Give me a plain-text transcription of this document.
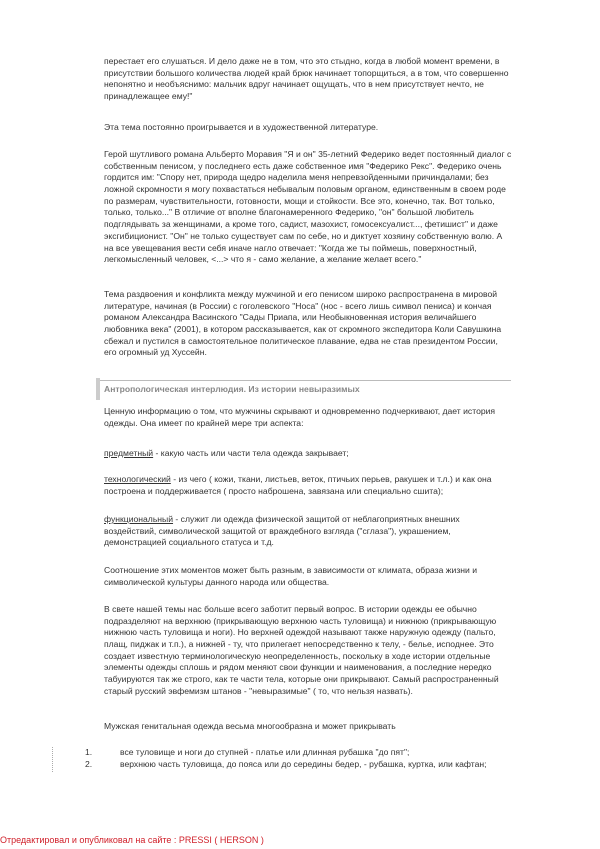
перестает его слушаться. И дело даже не в том, что это стыдно, когда в любой момент времени, в
присутствии большого количества людей край брюк начинает топорщиться, а в том, что совершенно
непонятно и необъяснимо: мальчик вдруг начинает ощущать, что в нем присутствует нечто, не
принадлежащее ему!"
Эта тема постоянно проигрывается и в художественной литературе.
Герой шутливого романа Альберто Моравия "Я и он" 35-летний Федерико ведет постоянный диалог с
собственным пенисом, у последнего есть даже собственное имя "Федерико Рекс". Федерико очень
гордится им: "Спору нет, природа щедро наделила меня непревзойденными причиндалами; без
ложной скромности я могу похвастаться небывалым половым органом, единственным в своем роде
по размерам, чувствительности, готовности, мощи и стойкости. Все это, конечно, так. Вот только,
только, только..." В отличие от вполне благонамеренного Федерико, "он" большой любитель
подглядывать за женщинами, а кроме того, садист, мазохист, гомосексуалист..., фетишист" и даже
эксгибиционист. "Он" не только существует сам по себе, но и диктует хозяину собственную волю. А
на все увещевания вести себя иначе нагло отвечает: "Когда же ты поймешь, поверхностный,
легкомысленный человек, <...> что я - само желание, а желание желает всего."
Тема раздвоения и конфликта между мужчиной и его пенисом широко распространена в мировой
литературе, начиная (в России) с гоголевского "Носа" (нос - всего лишь символ пениса) и кончая
романом Александра Васинского "Сады Приапа, или Необыкновенная история величайшего
любовника века" (2001), в котором рассказывается, как от скромного экспедитора Коли Савушкина
сбежал и пустился в самостоятельное политическое плавание, едва не став президентом России,
его огромный уд Хуссейн.
Антропологическая интерлюдия. Из истории невыразимых
Ценную информацию о том, что мужчины скрывают и одновременно подчеркивают, дает история
одежды. Она имеет по крайней мере три аспекта:
предметный - какую часть или части тела одежда закрывает;
технологический - из чего ( кожи, ткани, листьев, веток, птичьих перьев, ракушек и т.л.) и как она
построена и поддерживается ( просто наброшена, завязана или специально сшита);
функциональный - служит ли одежда физической защитой от неблагоприятных внешних
воздействий, символической защитой от враждебного взгляда ("сглаза"), украшением,
демонстрацией социального статуса и т.д.
Соотношение этих моментов может быть разным, в зависимости от климата, образа жизни и
символической культуры данного народа или общества.
В свете нашей темы нас больше всего заботит первый вопрос. В истории одежды ее обычно
подразделяют на верхнюю (прикрывающую верхнюю часть туловища) и нижнюю (прикрывающую
нижнюю часть туловища и ноги). Но верхней одеждой называют также наружную одежду (пальто,
плащ, пиджак и т.п.), а нижней - ту, что прилегает непосредственно к телу, - белье, исподнее. Это
создает известную терминологическую неопределенность, поскольку в ходе истории отдельные
элементы одежды сплошь и рядом меняют свои функции и наименования, а последние нередко
табуируются так же строго, как те части тела, которые они прикрывают. Самый распространенный
старый русский эвфемизм штанов - "невыразимые" ( то, что нельзя назвать).
Мужская генитальная одежда весьма многообразна и может прикрывать
1.	все туловище и ноги до ступней - платье или длинная рубашка "до пят";
2.	верхнюю часть туловища, до пояса или до середины бедер, - рубашка, куртка, или кафтан;
Отредактировал и опубликовал на сайте : PRESSI ( HERSON )
